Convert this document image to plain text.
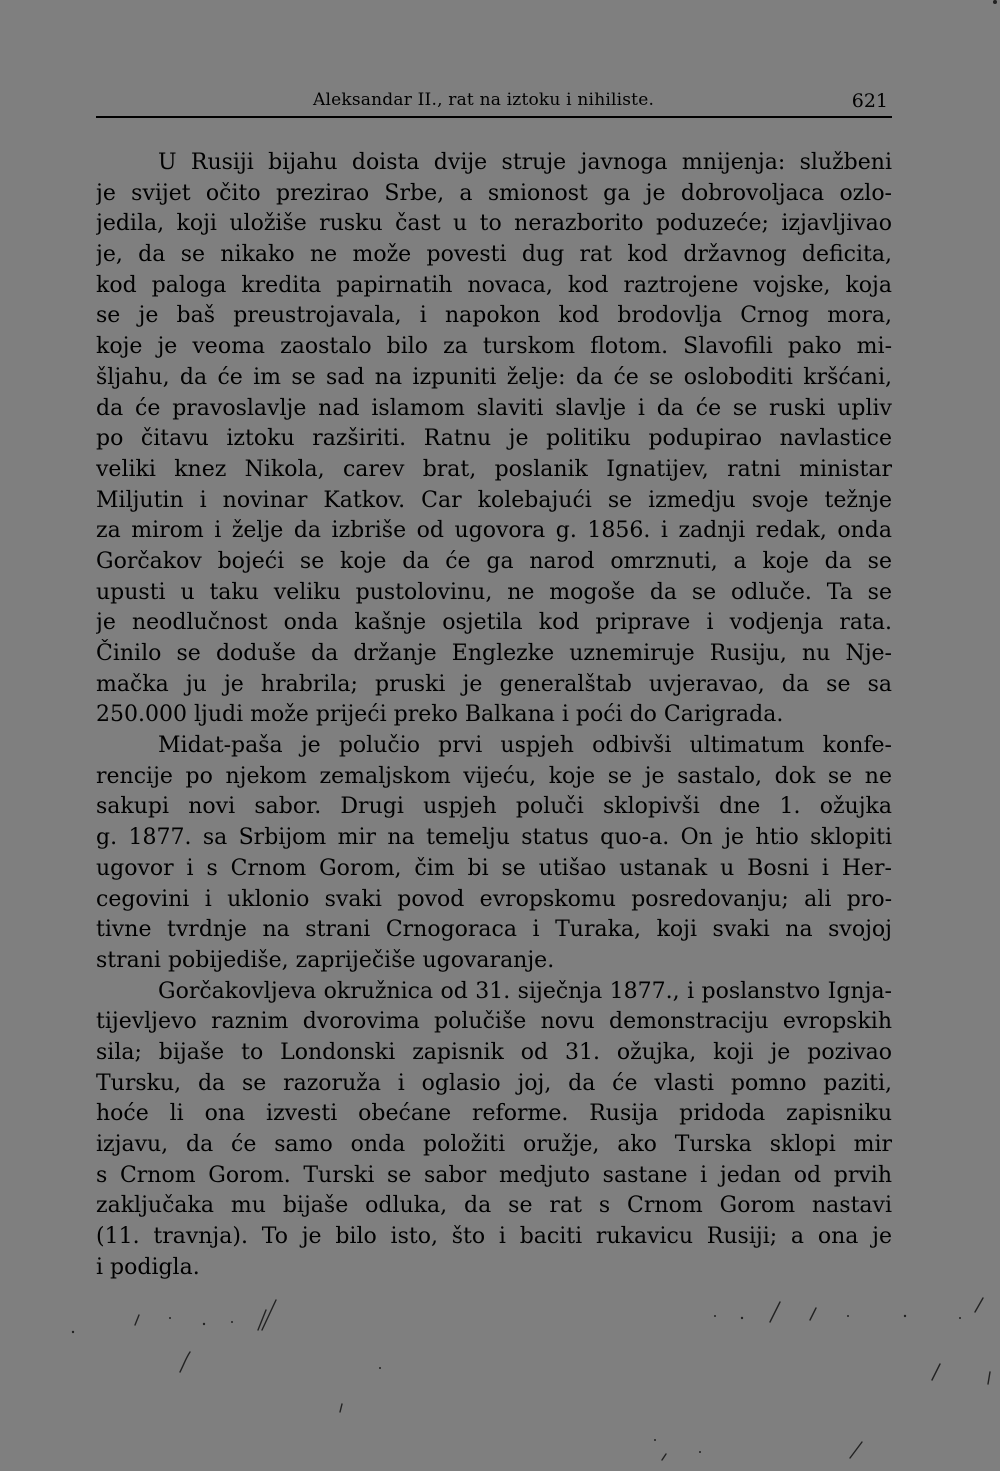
Aleksandar II., rat na iztoku i nihiliste.	621
U Rusiji bijahu doista dvije struje javnoga mnijenja: službeni
je svijet očito prezirao Srbe, a smionost ga je dobrovoljaca ozlo-
jedila, koji uložiše rusku čast u to nerazborito poduzeće; izjavljivao
je, da se nikako ne može povesti dug rat kod državnog deficita,
kod paloga kredita papirnatih novaca, kod raztrojene vojske, koja
se je baš preustrojavala, i napokon kod brodovlja Crnog mora,
koje je veoma zaostalo bilo za turskom flotom. Slavofili pako mi-
šljahu, da će im se sad na izpuniti želje: da će se osloboditi kršćani,
da će pravoslavlje nad islamom slaviti slavlje i da će se ruski upliv
po čitavu iztoku razširiti. Ratnu je politiku podupirao navlastice
veliki knez Nikola, carev brat, poslanik Ignatijev, ratni ministar
Miljutin i novinar Katkov. Car kolebajući se izmedju svoje težnje
za mirom i želje da izbriše od ugovora g. 1856. i zadnji redak, onda
Gorčakov bojeći se koje da će ga narod omrznuti, a koje da se
upusti u taku veliku pustolovinu, ne mogoše da se odluče. Ta se
je neodlučnost onda kašnje osjetila kod priprave i vodjenja rata.
Činilo se doduše da držanje Englezke uznemiruje Rusiju, nu Nje-
mačka ju je hrabrila; pruski je generalštab uvjeravao, da se sa
250.000 ljudi može prijeći preko Balkana i poći do Carigrada.
Midat-paša je polučio prvi uspjeh odbivši ultimatum konfe-
rencije po njekom zemaljskom vijeću, koje se je sastalo, dok se ne
sakupi novi sabor. Drugi uspjeh poluči sklopivši dne 1. ožujka
g. 1877. sa Srbijom mir na temelju status quo-a. On je htio sklopiti
ugovor i s Crnom Gorom, čim bi se utišao ustanak u Bosni i Her-
cegovini i uklonio svaki povod evropskomu posredovanju; ali pro-
tivne tvrdnje na strani Crnogoraca i Turaka, koji svaki na svojoj
strani pobijediše, zapriječiše ugovaranje.
Gorčakovljeva okružnica od 31. siječnja 1877., i poslanstvo Ignja-
tijevljevo raznim dvorovima polučiše novu demonstraciju evropskih
sila; bijaše to Londonski zapisnik od 31. ožujka, koji je pozivao
Tursku, da se razoruža i oglasio joj, da će vlasti pomno paziti,
hoće li ona izvesti obećane reforme. Rusija pridoda zapisniku
izjavu, da će samo onda položiti oružje, ako Turska sklopi mir
s Crnom Gorom. Turski se sabor medjuto sastane i jedan od prvih
zaključaka mu bijaše odluka, da se rat s Crnom Gorom nastavi
(11. travnja). To je bilo isto, što i baciti rukavicu Rusiji; a ona je
i podigla.
